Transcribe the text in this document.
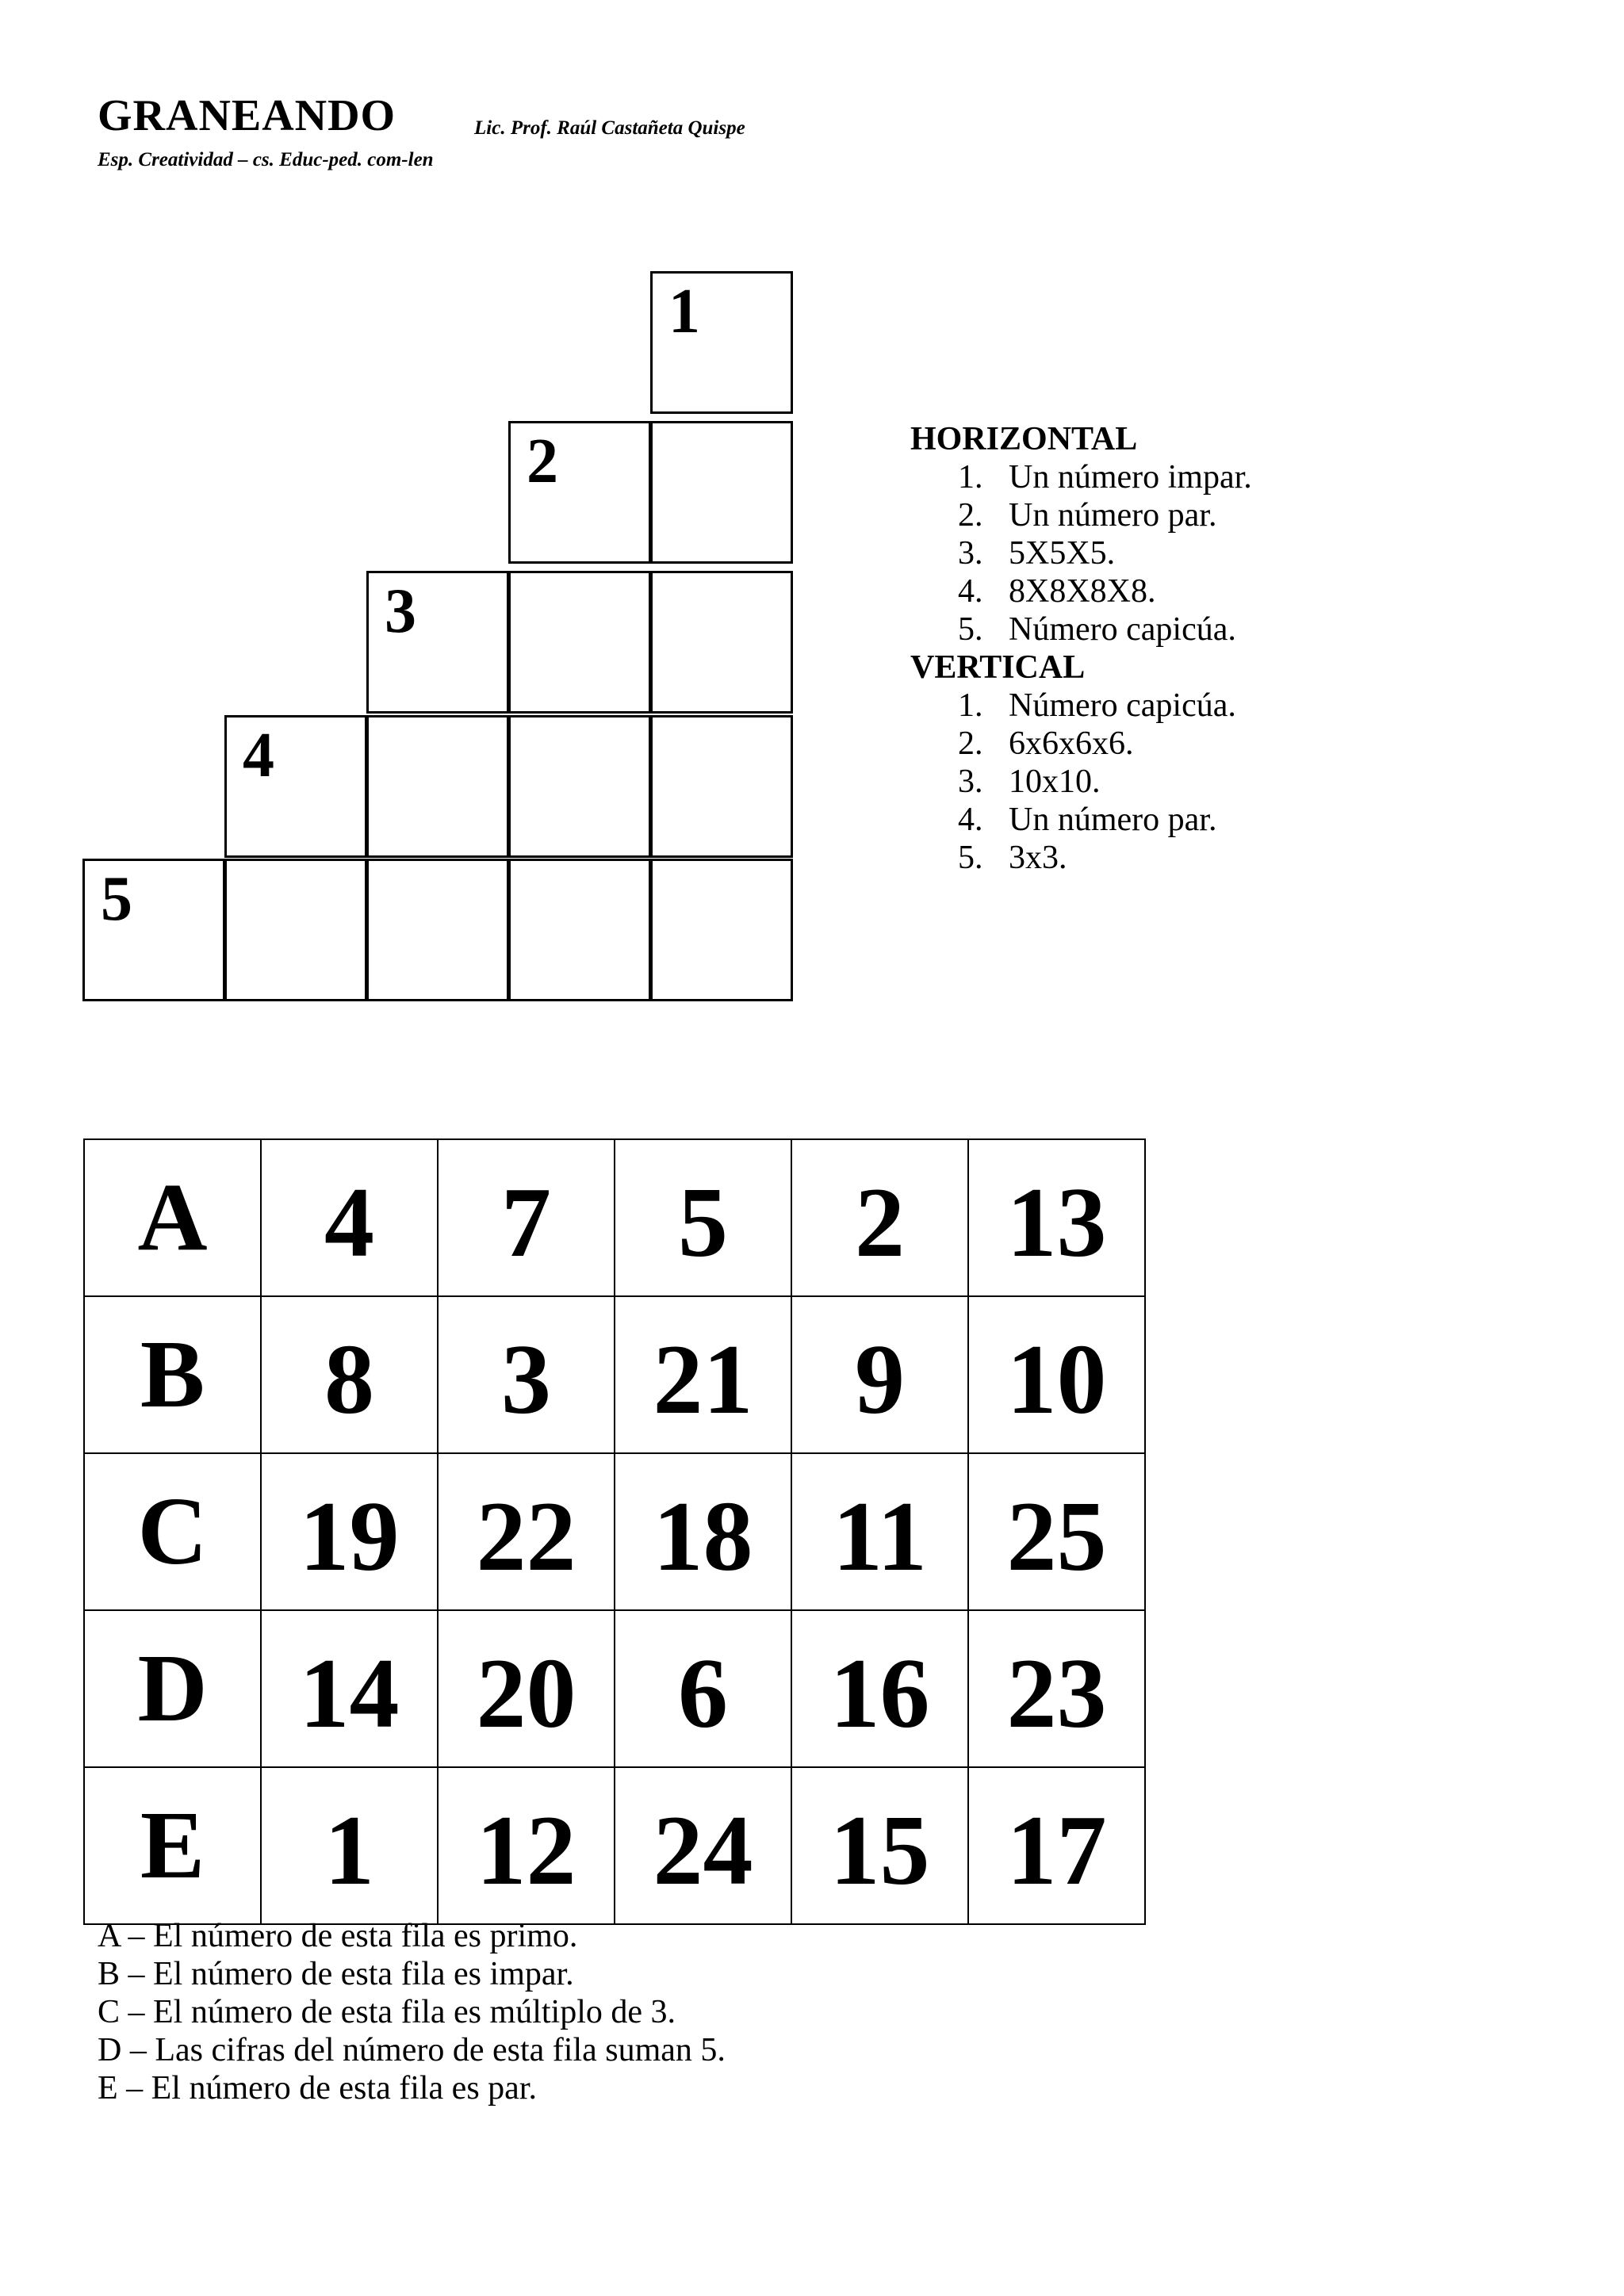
GRANEANDO	Lic. Prof. Raúl Castañeta Quispe
Esp. Creatividad – cs. Educ-ped. com-len
1
2
3
4
5
HORIZONTAL
1. Un número impar.
2. Un número par.
3. 5X5X5.
4. 8X8X8X8.
5. Número capicúa.
VERTICAL
1. Número capicúa.
2. 6x6x6x6.
3. 10x10.
4. Un número par.
5. 3x3.
A	4	7	5	2	13
B	8	3	21	9	10
C	19	22	18	11	25
D	14	20	6	16	23
E	1	12	24	15	17
A – El número de esta fila es primo.
B – El número de esta fila es impar.
C – El número de esta fila es múltiplo de 3.
D – Las cifras del número de esta fila suman 5.
E – El número de esta fila es par.
